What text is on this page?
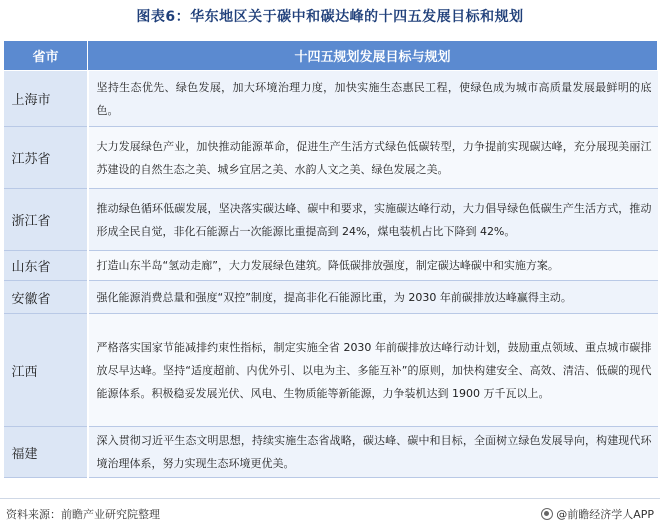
图表6：华东地区关于碳中和碳达峰的十四五发展目标和规划
省市	十四五规划发展目标与规划
上海市	坚持生态优先、绿色发展，加大环境治理力度，加快实施生态惠民工程，使绿色成为城市高质量发展最鲜明的底色。
江苏省	大力发展绿色产业，加快推动能源革命，促进生产生活方式绿色低碳转型，力争提前实现碳达峰，充分展现美丽江苏建设的自然生态之美、城乡宜居之美、水韵人文之美、绿色发展之美。
浙江省	推动绿色循环低碳发展，坚决落实碳达峰、碳中和要求，实施碳达峰行动，大力倡导绿色低碳生产生活方式，推动形成全民自觉，非化石能源占一次能源比重提高到 24%，煤电装机占比下降到 42%。
山东省	打造山东半岛“氢动走廊”，大力发展绿色建筑。降低碳排放强度，制定碳达峰碳中和实施方案。
安徽省	强化能源消费总量和强度“双控”制度，提高非化石能源比重，为 2030 年前碳排放达峰赢得主动。
江西	严格落实国家节能减排约束性指标，制定实施全省 2030 年前碳排放达峰行动计划，鼓励重点领域、重点城市碳排放尽早达峰。坚持“适度超前、内优外引、以电为主、多能互补”的原则，加快构建安全、高效、清洁、低碳的现代能源体系。积极稳妥发展光伏、风电、生物质能等新能源，力争装机达到 1900 万千瓦以上。
福建	深入贯彻习近平生态文明思想，持续实施生态省战略，碳达峰、碳中和目标，全面树立绿色发展导向，构建现代环境治理体系，努力实现生态环境更优美。
资料来源：前瞻产业研究院整理	@前瞻经济学人APP
